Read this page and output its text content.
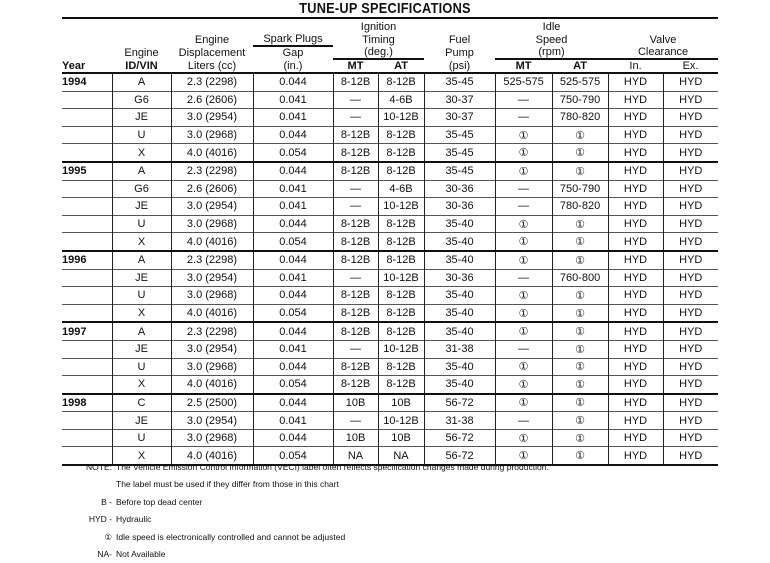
TUNE-UP SPECIFICATIONS
				Ignition			Idle			
		Engine	Spark Plugs	Timing		Fuel	Speed		Valve	
	Engine	Displacement	Gap	(deg.)		Pump	(rpm)		Clearance	
Year	ID/VIN	Liters (cc)	(in.)	MT	AT	(psi)	MT	AT	In.	Ex.
1994	A	2.3 (2298)	0.044	8-12B	8-12B	35-45	525-575	525-575	HYD	HYD
	G6	2.6 (2606)	0.041	—	4-6B	30-37	—	750-790	HYD	HYD
	JE	3.0 (2954)	0.041	—	10-12B	30-37	—	780-820	HYD	HYD
	U	3.0 (2968)	0.044	8-12B	8-12B	35-45	①	①	HYD	HYD
	X	4.0 (4016)	0.054	8-12B	8-12B	35-45	①	①	HYD	HYD
1995	A	2.3 (2298)	0.044	8-12B	8-12B	35-45	①	①	HYD	HYD
	G6	2.6 (2606)	0.041	—	4-6B	30-36	—	750-790	HYD	HYD
	JE	3.0 (2954)	0.041	—	10-12B	30-36	—	780-820	HYD	HYD
	U	3.0 (2968)	0.044	8-12B	8-12B	35-40	①	①	HYD	HYD
	X	4.0 (4016)	0.054	8-12B	8-12B	35-40	①	①	HYD	HYD
1996	A	2.3 (2298)	0.044	8-12B	8-12B	35-40	①	①	HYD	HYD
	JE	3.0 (2954)	0.041	—	10-12B	30-36	—	760-800	HYD	HYD
	U	3.0 (2968)	0.044	8-12B	8-12B	35-40	①	①	HYD	HYD
	X	4.0 (4016)	0.054	8-12B	8-12B	35-40	①	①	HYD	HYD
1997	A	2.3 (2298)	0.044	8-12B	8-12B	35-40	①	①	HYD	HYD
	JE	3.0 (2954)	0.041	—	10-12B	31-38	—	①	HYD	HYD
	U	3.0 (2968)	0.044	8-12B	8-12B	35-40	①	①	HYD	HYD
	X	4.0 (4016)	0.054	8-12B	8-12B	35-40	①	①	HYD	HYD
1998	C	2.5 (2500)	0.044	10B	10B	56-72	①	①	HYD	HYD
	JE	3.0 (2954)	0.041	—	10-12B	31-38	—	①	HYD	HYD
	U	3.0 (2968)	0.044	10B	10B	56-72	①	①	HYD	HYD
	X	4.0 (4016)	0.054	NA	NA	56-72	①	①	HYD	HYD
NOTE: The Vehicle Emission Control Information (VECI) label often reflects specification changes made during production.
The label must be used if they differ from those in this chart
B - Before top dead center
HYD - Hydraulic
① Idle speed is electronically controlled and cannot be adjusted
NA- Not Available
